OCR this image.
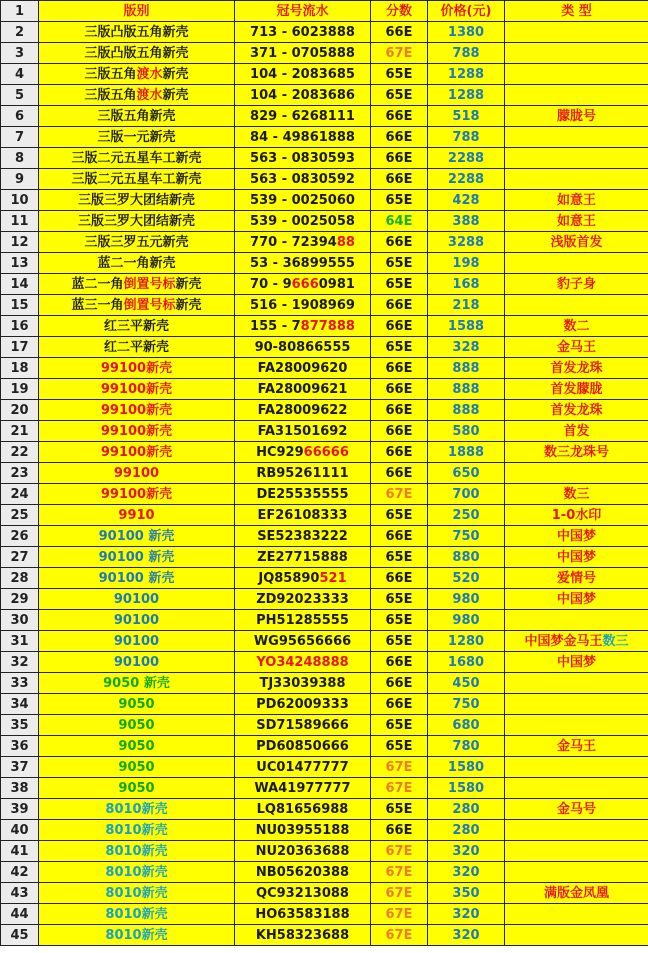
1	版别	冠号流水	分数	价格(元)	类 型
2	三版凸版五角新壳	713 - 6023888	66E	1380	
3	三版凸版五角新壳	371 - 0705888	67E	788	
4	三版五角渡水新壳	104 - 2083685	65E	1288	
5	三版五角渡水新壳	104 - 2083686	65E	1288	
6	三版五角新壳	829 - 6268111	66E	518	朦胧号
7	三版一元新壳	84 - 49861888	66E	788	
8	三版二元五星车工新壳	563 - 0830593	66E	2288	
9	三版二元五星车工新壳	563 - 0830592	66E	2288	
10	三版三罗大团结新壳	539 - 0025060	65E	428	如意王
11	三版三罗大团结新壳	539 - 0025058	64E	388	如意王
12	三版三罗五元新壳	770 - 7239488	66E	3288	浅版首发
13	蓝二一角新壳	53 - 36899555	65E	198	
14	蓝二一角倒置号标新壳	70 - 96660981	65E	168	豹子身
15	蓝三一角倒置号标新壳	516 - 1908969	66E	218	
16	红三平新壳	155 - 7877888	66E	1588	数二
17	红二平新壳	90-80866555	65E	328	金马王
18	99100新壳	FA28009620	66E	888	首发龙珠
19	99100新壳	FA28009621	66E	888	首发朦胧
20	99100新壳	FA28009622	66E	888	首发龙珠
21	99100新壳	FA31501692	66E	580	首发
22	99100新壳	HC92966666	66E	1888	数三龙珠号
23	99100	RB95261111	66E	650	
24	99100新壳	DE25535555	67E	700	数三
25	9910	EF26108333	65E	250	1-0水印
26	90100 新壳	SE52383222	66E	750	中国梦
27	90100 新壳	ZE27715888	65E	880	中国梦
28	90100 新壳	JQ85890521	66E	520	爱情号
29	90100	ZD92023333	65E	980	中国梦
30	90100	PH51285555	65E	980	
31	90100	WG95656666	65E	1280	中国梦金马王数三
32	90100	YO34248888	66E	1680	中国梦
33	9050 新壳	TJ33039388	66E	450	
34	9050	PD62009333	66E	750	
35	9050	SD71589666	65E	680	
36	9050	PD60850666	65E	780	金马王
37	9050	UC01477777	67E	1580	
38	9050	WA41977777	67E	1580	
39	8010新壳	LQ81656988	65E	280	金马号
40	8010新壳	NU03955188	66E	280	
41	8010新壳	NU20363688	67E	320	
42	8010新壳	NB05620388	67E	320	
43	8010新壳	QC93213088	67E	350	满版金凤凰
44	8010新壳	HO63583188	67E	320	
45	8010新壳	KH58323688	67E	320	
